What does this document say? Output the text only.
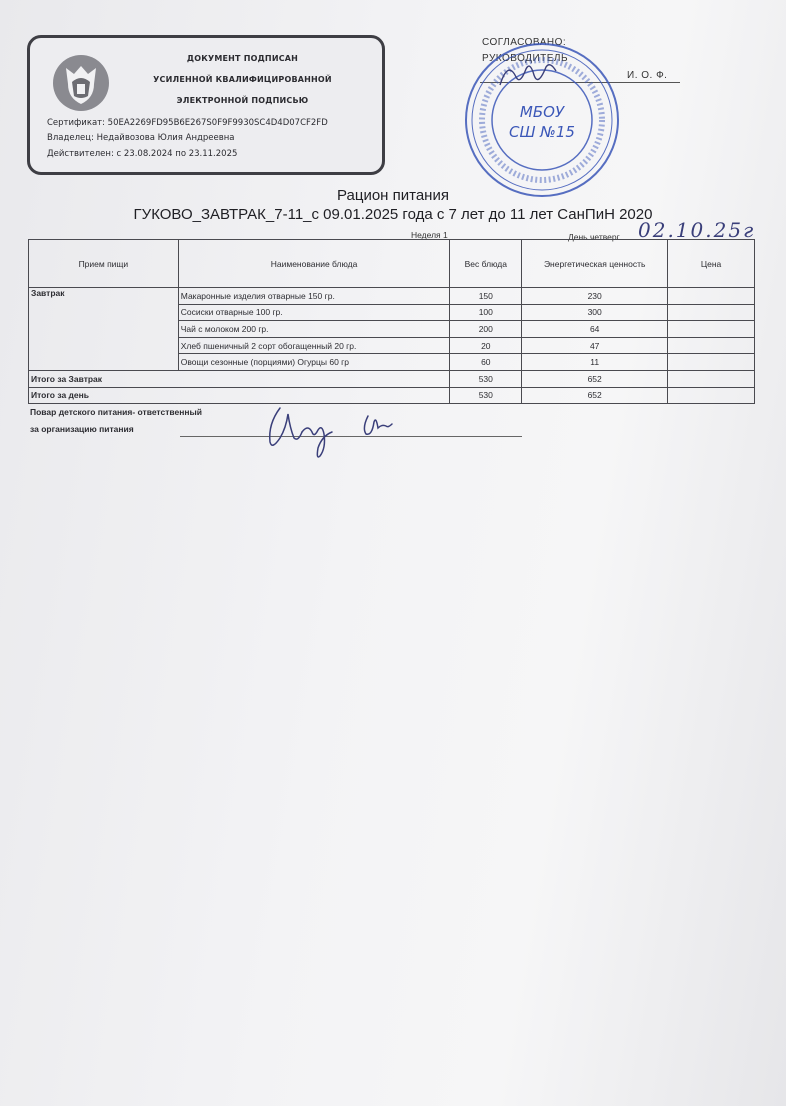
ДОКУМЕНТ ПОДПИСАН
УСИЛЕННОЙ КВАЛИФИЦИРОВАННОЙ
ЭЛЕКТРОННОЙ ПОДПИСЬЮ
Сертификат: 50EA2269FD95B6E267S0F9F9930SC4D4D07CF2FD
Владелец: Недайвозова Юлия Андреевна
Действителен: с 23.08.2024 по 23.11.2025
СОГЛАСОВАНО:
РУКОВОДИТЕЛЬ
И. О. Ф.
МБОУ
СШ №15
Рацион питания
ГУКОВО_ЗАВТРАК_7-11_с 09.01.2025 года с 7 лет до 11 лет СанПиН 2020
Неделя 1	День четверг 02.10.25г
Прием пищи	Наименование блюда	Вес блюда	Энергетическая ценность	Цена
Завтрак	Макаронные изделия отварные 150 гр.	150	230	
	Сосиски отварные 100 гр.	100	300	
	Чай с молоком 200 гр.	200	64	
	Хлеб пшеничный 2 сорт обогащенный 20 гр.	20	47	
	Овощи сезонные (порциями) Огурцы 60 гр	60	11	
Итого за Завтрак		530	652	
Итого за день		530	652	
Повар детского питания- ответственный
за организацию питания
